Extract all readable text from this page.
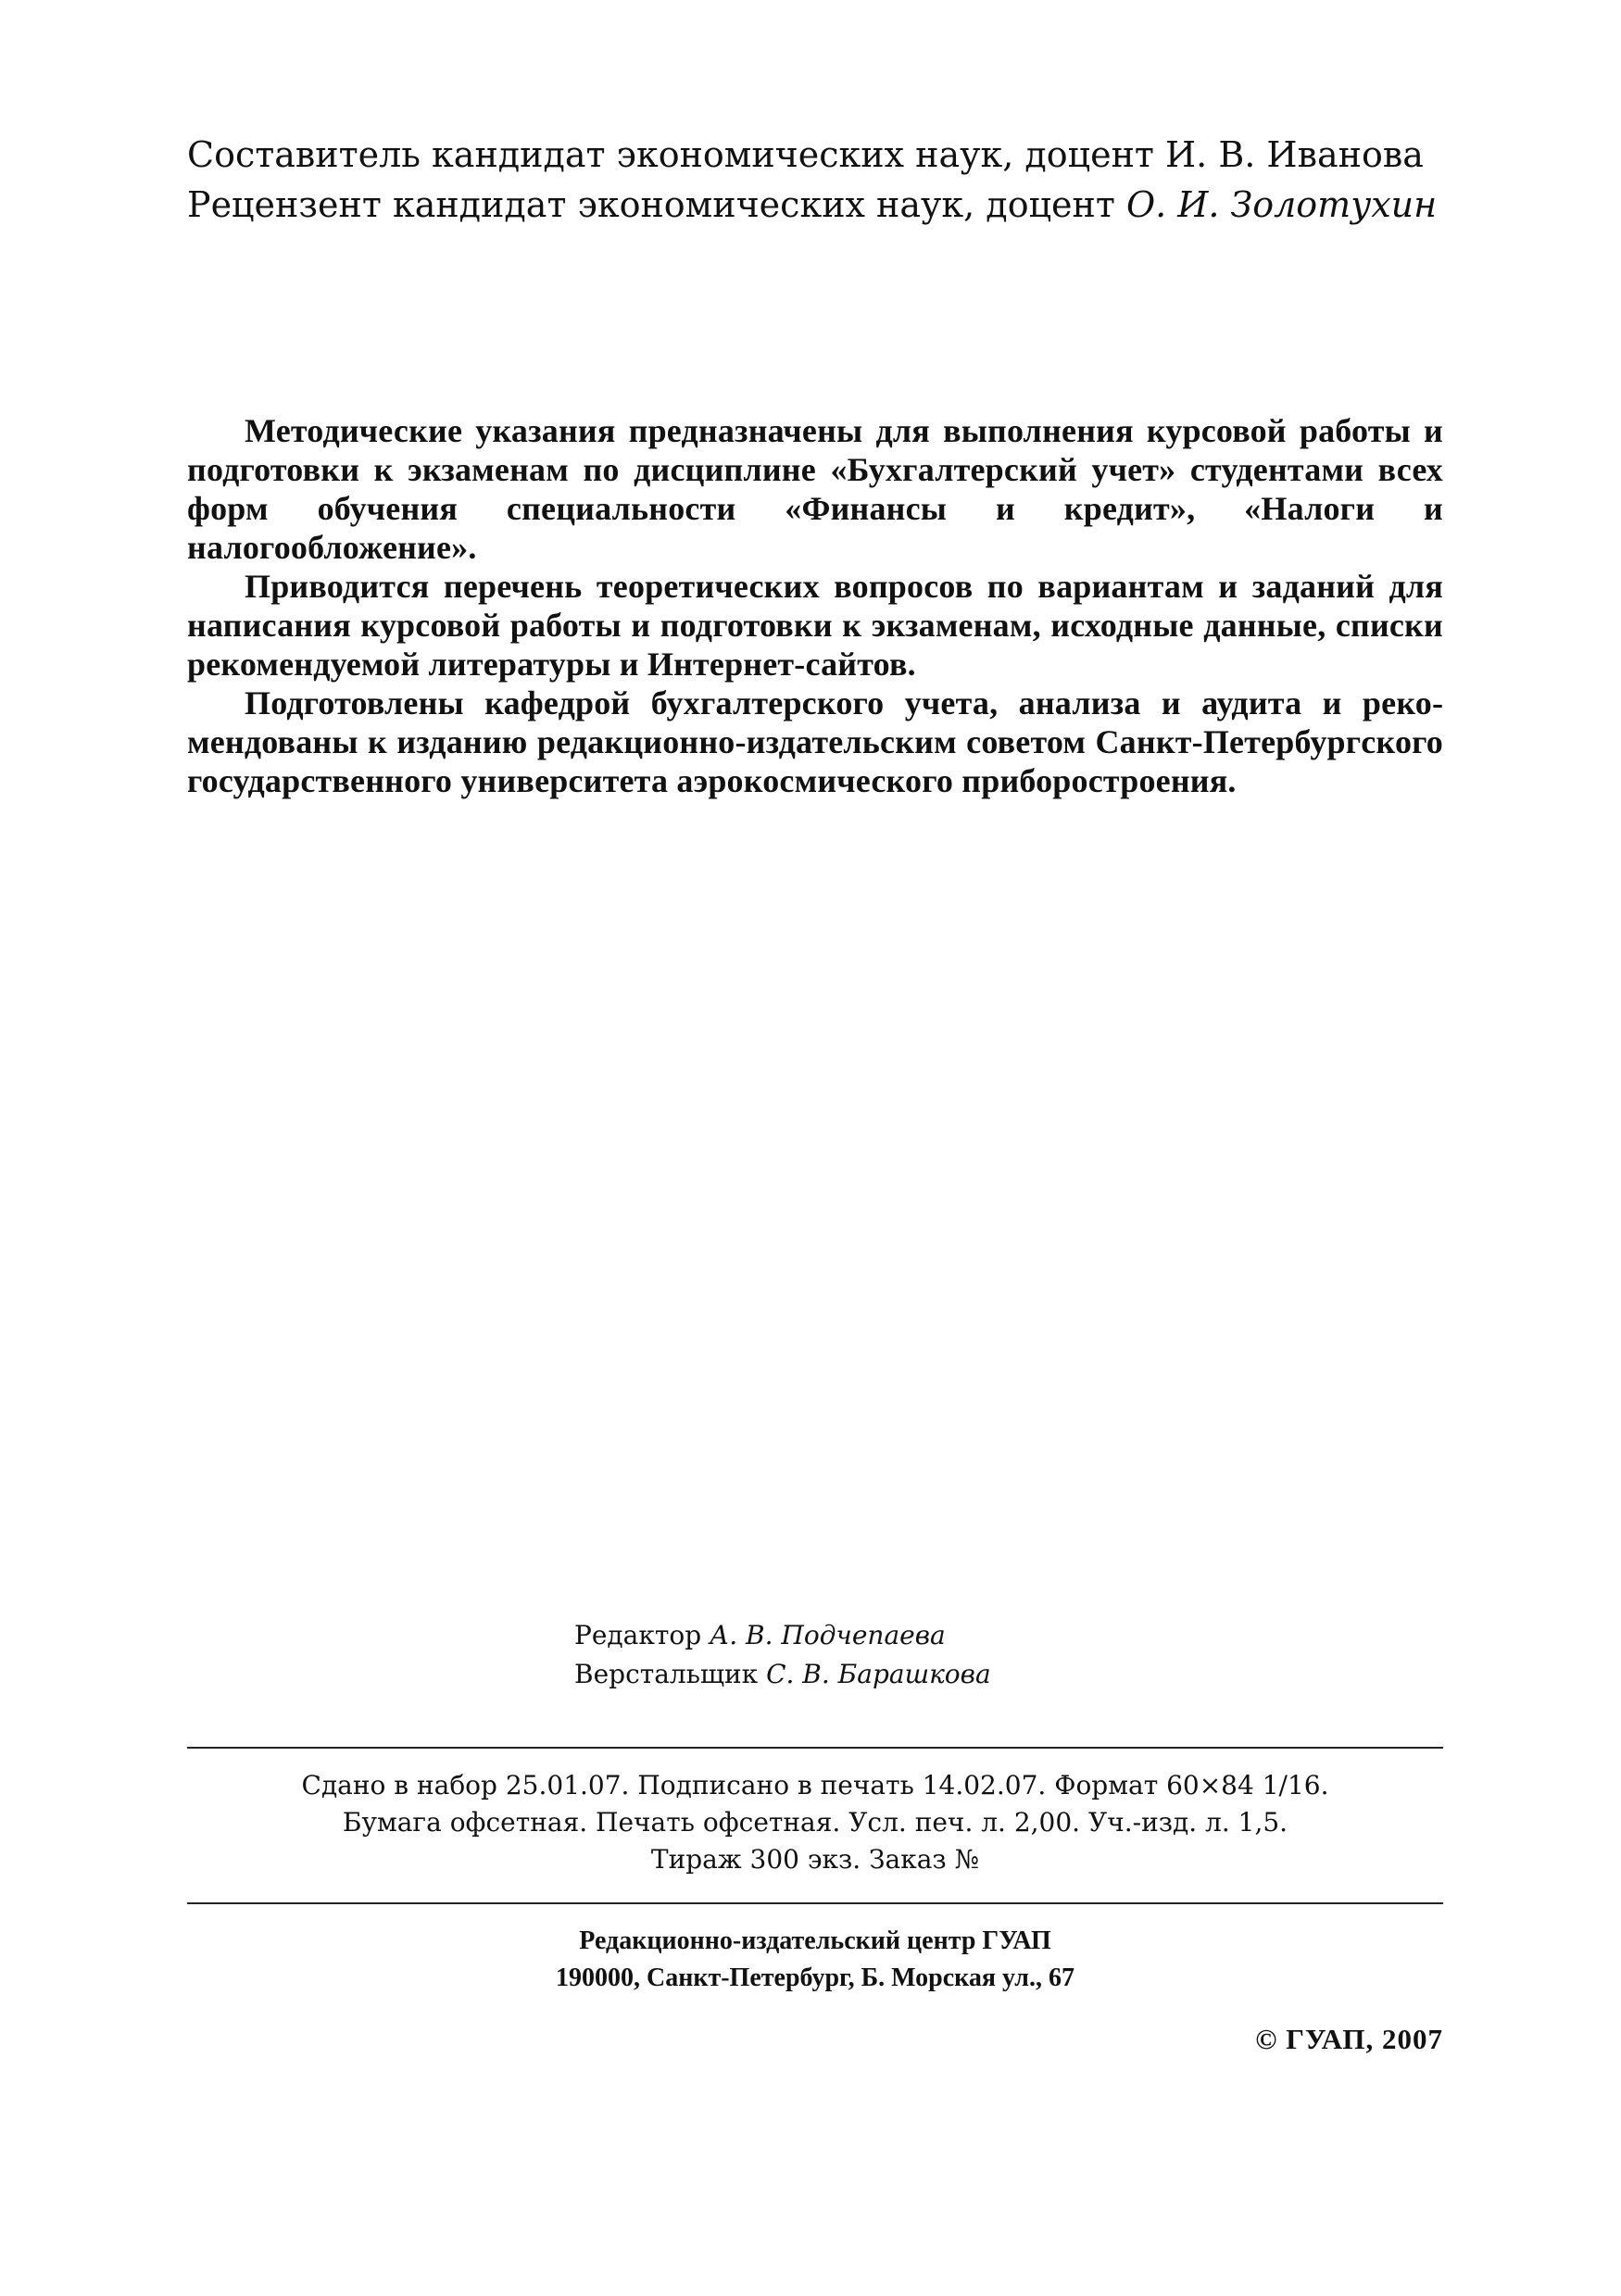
Составитель кандидат экономических наук, доцент И. В. Иванова
Рецензент кандидат экономических наук, доцент О. И. Золотухин

Методические указания предназначены для выполнения курсовой работы и подготовки к экзаменам по дисциплине «Бухгалтерский учет» студентами всех форм обучения специальности «Финансы и кредит», «Налоги и налогообложение».

Приводится перечень теоретических вопросов по вариантам и заданий для написания курсовой работы и подготовки к экзаменам, исходные данные, списки рекомендуемой литературы и Интернет-сайтов.

Подготовлены кафедрой бухгалтерского учета, анализа и аудита и рекомендованы к изданию редакционно-издательским советом Санкт-Петербургского государственного университета аэрокосмического приборостроения.

Редактор А. В. Подчепаева
Верстальщик С. В. Барашкова
Сдано в набор 25.01.07. Подписано в печать 14.02.07. Формат 60×84 1/16.
Бумага офсетная. Печать офсетная. Усл. печ. л. 2,00. Уч.-изд. л. 1,5.
Тираж 300 экз. Заказ №
Редакционно-издательский центр ГУАП
190000, Санкт-Петербург, Б. Морская ул., 67
© ГУАП, 2007
